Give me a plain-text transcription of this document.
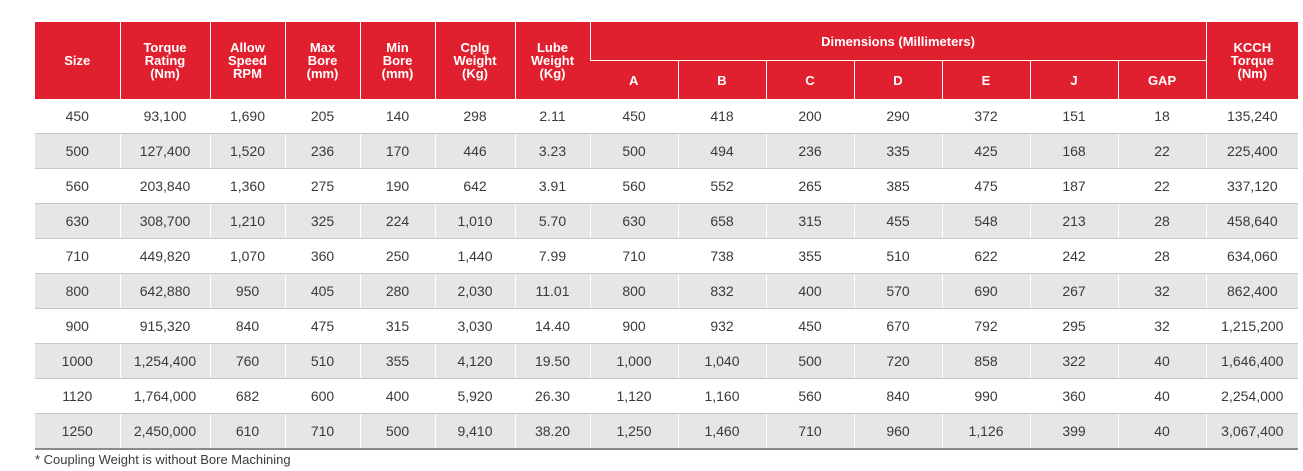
Size	Torque
Rating
(Nm)	Allow
Speed
RPM	Max
Bore
(mm)	Min
Bore
(mm)	Cplg
Weight
(Kg)	Lube
Weight
(Kg)	Dimensions (Millimeters)							KCCH
Torque
(Nm)

							A	B	C	D	E	J	GAP	
450	93,100	1,690	205	140	298	2.11	450	418	200	290	372	151	18	135,240
500	127,400	1,520	236	170	446	3.23	500	494	236	335	425	168	22	225,400
560	203,840	1,360	275	190	642	3.91	560	552	265	385	475	187	22	337,120
630	308,700	1,210	325	224	1,010	5.70	630	658	315	455	548	213	28	458,640
710	449,820	1,070	360	250	1,440	7.99	710	738	355	510	622	242	28	634,060
800	642,880	950	405	280	2,030	11.01	800	832	400	570	690	267	32	862,400
900	915,320	840	475	315	3,030	14.40	900	932	450	670	792	295	32	1,215,200
1000	1,254,400	760	510	355	4,120	19.50	1,000	1,040	500	720	858	322	40	1,646,400
1120	1,764,000	682	600	400	5,920	26.30	1,120	1,160	560	840	990	360	40	2,254,000
1250	2,450,000	610	710	500	9,410	38.20	1,250	1,460	710	960	1,126	399	40	3,067,400
* Coupling Weight is without Bore Machining
